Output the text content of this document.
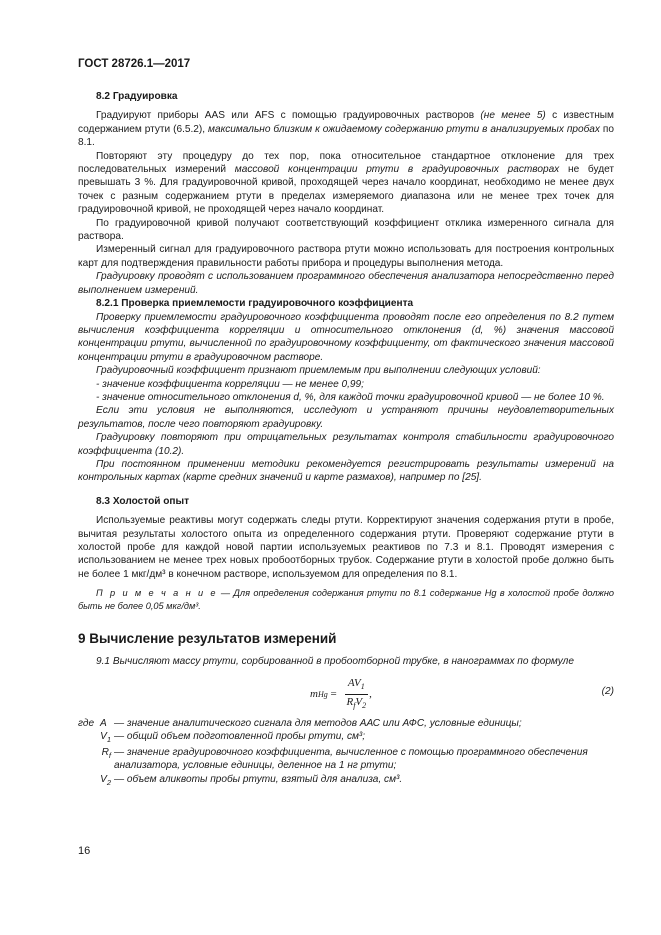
ГОСТ 28726.1—2017

8.2 Градуировка

Градуируют приборы AAS или AFS с помощью градуировочных растворов (не менее 5) с известным содержанием ртути (6.5.2), максимально близким к ожидаемому содержанию ртути в анализируемых пробах по 8.1.

Повторяют эту процедуру до тех пор, пока относительное стандартное отклонение для трех последовательных измерений массовой концентрации ртути в градуировочных растворах не будет превышать 3 %. Для градуировочной кривой, проходящей через начало координат, необходимо не менее двух точек с разным содержанием ртути в пределах измеряемого диапазона или не менее трех точек для градуировочной кривой, не проходящей через начало координат.

По градуировочной кривой получают соответствующий коэффициент отклика измеренного сигнала для раствора.

Измеренный сигнал для градуировочного раствора ртути можно использовать для построения контрольных карт для подтверждения правильности работы прибора и процедуры выполнения метода.

Градуировку проводят с использованием программного обеспечения анализатора непосредственно перед выполнением измерений.

8.2.1 Проверка приемлемости градуировочного коэффициента

Проверку приемлемости градуировочного коэффициента проводят после его определения по 8.2 путем вычисления коэффициента корреляции и относительного отклонения (d, %) значения массовой концентрации ртути, вычисленной по градуировочному коэффициенту, от фактического значения массовой концентрации ртути в градуировочном растворе.

Градуировочный коэффициент признают приемлемым при выполнении следующих условий:

- значение коэффициента корреляции — не менее 0,99;

- значение относительного отклонения d, %, для каждой точки градуировочной кривой — не более 10 %.

Если эти условия не выполняются, исследуют и устраняют причины неудовлетворительных результатов, после чего повторяют градуировку.

Градуировку повторяют при отрицательных результатах контроля стабильности градуировочного коэффициента (10.2).

При постоянном применении методики рекомендуется регистрировать результаты измерений на контрольных картах (карте средних значений и карте размахов), например по [25].

8.3 Холостой опыт

Используемые реактивы могут содержать следы ртути. Корректируют значения содержания ртути в пробе, вычитая результаты холостого опыта из определенного содержания ртути. Проверяют содержание ртути в холостой пробе для каждой новой партии используемых реактивов по 7.3 и 8.1. Проводят измерения с использованием не менее трех новых пробоотборных трубок. Содержание ртути в холостой пробе должно быть не более 1 мкг/дм³ в конечном растворе, используемом для определения по 8.1.

П р и м е ч а н и е — Для определения содержания ртути по 8.1 содержание Hg в холостой пробе должно быть не более 0,05 мкг/дм³.

9 Вычисление результатов измерений

9.1 Вычисляют массу ртути, сорбированной в пробоотборной трубке, в нанограммах по формуле

m $Hg = \frac{AV_1}{R_fV_2}$ ,	(2)
где A — значение аналитического сигнала для методов ААС или АФС, условные единицы;
$V_1$ — общий объем подготовленной пробы ртути, см³;
$R_f$ — значение градуировочного коэффициента, вычисленное с помощью программного обеспечения анализатора, условные единицы, деленное на 1 нг ртути;
$V_2$ — объем аликвоты пробы ртути, взятый для анализа, см³.
16
